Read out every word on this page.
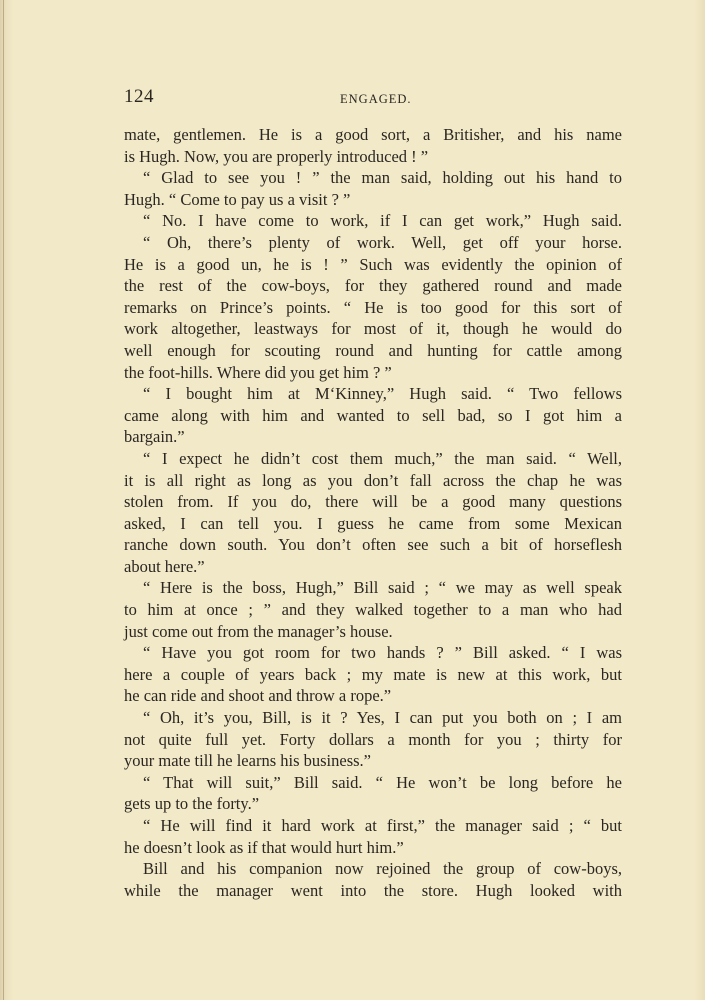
124	ENGAGED.
mate, gentlemen. He is a good sort, a Britisher, and his name
is Hugh. Now, you are properly introduced ! ”
“ Glad to see you ! ” the man said, holding out his hand to
Hugh. “ Come to pay us a visit ? ”
“ No. I have come to work, if I can get work,” Hugh said.
“ Oh, there’s plenty of work. Well, get off your horse.
He is a good un, he is ! ” Such was evidently the opinion of
the rest of the cow-boys, for they gathered round and made
remarks on Prince’s points. “ He is too good for this sort of
work altogether, leastways for most of it, though he would do
well enough for scouting round and hunting for cattle among
the foot-hills. Where did you get him ? ”
“ I bought him at M‘Kinney,” Hugh said. “ Two fellows
came along with him and wanted to sell bad, so I got him a
bargain.”
“ I expect he didn’t cost them much,” the man said. “ Well,
it is all right as long as you don’t fall across the chap he was
stolen from. If you do, there will be a good many questions
asked, I can tell you. I guess he came from some Mexican
ranche down south. You don’t often see such a bit of horseflesh
about here.”
“ Here is the boss, Hugh,” Bill said ; “ we may as well speak
to him at once ; ” and they walked together to a man who had
just come out from the manager’s house.
“ Have you got room for two hands ? ” Bill asked. “ I was
here a couple of years back ; my mate is new at this work, but
he can ride and shoot and throw a rope.”
“ Oh, it’s you, Bill, is it ? Yes, I can put you both on ; I am
not quite full yet. Forty dollars a month for you ; thirty for
your mate till he learns his business.”
“ That will suit,” Bill said. “ He won’t be long before he
gets up to the forty.”
“ He will find it hard work at first,” the manager said ; “ but
he doesn’t look as if that would hurt him.”
Bill and his companion now rejoined the group of cow-boys,
while the manager went into the store. Hugh looked with
